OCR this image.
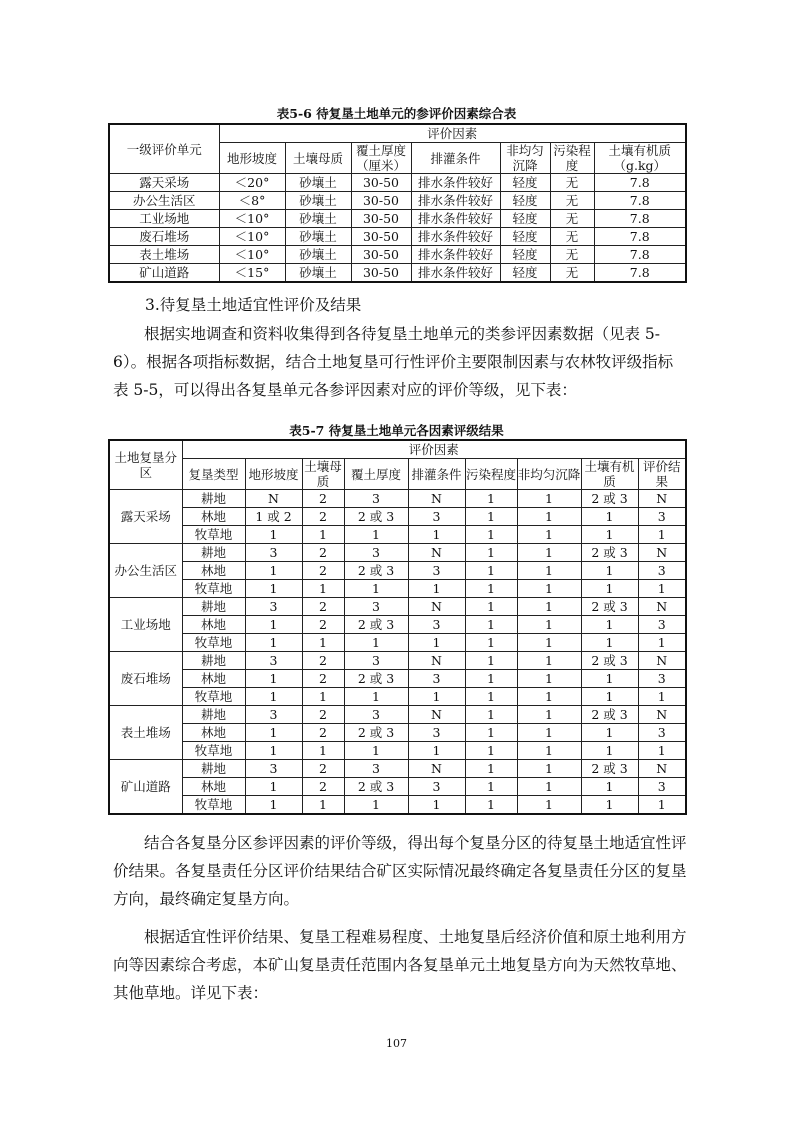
表5-6 待复垦土地单元的参评价因素综合表
一级评价单元	评价因素						
	地形坡度	土壤母质	覆土厚度（厘米）	排灌条件	非均匀沉降	污染程度	土壤有机质（g.kg）
露天采场	＜20°	砂壤土	30-50	排水条件较好	轻度	无	7.8
办公生活区	＜8°	砂壤土	30-50	排水条件较好	轻度	无	7.8
工业场地	＜10°	砂壤土	30-50	排水条件较好	轻度	无	7.8
废石堆场	＜10°	砂壤土	30-50	排水条件较好	轻度	无	7.8
表土堆场	＜10°	砂壤土	30-50	排水条件较好	轻度	无	7.8
矿山道路	＜15°	砂壤土	30-50	排水条件较好	轻度	无	7.8
3.待复垦土地适宜性评价及结果

根据实地调查和资料收集得到各待复垦土地单元的类参评因素数据（见表 5-6）。根据各项指标数据，结合土地复垦可行性评价主要限制因素与农林牧评级指标表 5-5，可以得出各复垦单元各参评因素对应的评价等级，见下表：

表5-7 待复垦土地单元各因素评级结果
土地复垦分区	评价因素								
	复垦类型	地形坡度	土壤母质	覆土厚度	排灌条件	污染程度	非均匀沉降	土壤有机质	评价结果
露天采场	耕地	N	2	3	N	1	1	2 或 3	N
	林地	1 或 2	2	2 或 3	3	1	1	1	3
	牧草地	1	1	1	1	1	1	1	1
办公生活区	耕地	3	2	3	N	1	1	2 或 3	N
	林地	1	2	2 或 3	3	1	1	1	3
	牧草地	1	1	1	1	1	1	1	1
工业场地	耕地	3	2	3	N	1	1	2 或 3	N
	林地	1	2	2 或 3	3	1	1	1	3
	牧草地	1	1	1	1	1	1	1	1
废石堆场	耕地	3	2	3	N	1	1	2 或 3	N
	林地	1	2	2 或 3	3	1	1	1	3
	牧草地	1	1	1	1	1	1	1	1
表土堆场	耕地	3	2	3	N	1	1	2 或 3	N
	林地	1	2	2 或 3	3	1	1	1	3
	牧草地	1	1	1	1	1	1	1	1
矿山道路	耕地	3	2	3	N	1	1	2 或 3	N
	林地	1	2	2 或 3	3	1	1	1	3
	牧草地	1	1	1	1	1	1	1	1

结合各复垦分区参评因素的评价等级，得出每个复垦分区的待复垦土地适宜性评价结果。各复垦责任分区评价结果结合矿区实际情况最终确定各复垦责任分区的复垦方向，最终确定复垦方向。

根据适宜性评价结果、复垦工程难易程度、土地复垦后经济价值和原土地利用方向等因素综合考虑，本矿山复垦责任范围内各复垦单元土地复垦方向为天然牧草地、其他草地。详见下表：

107
